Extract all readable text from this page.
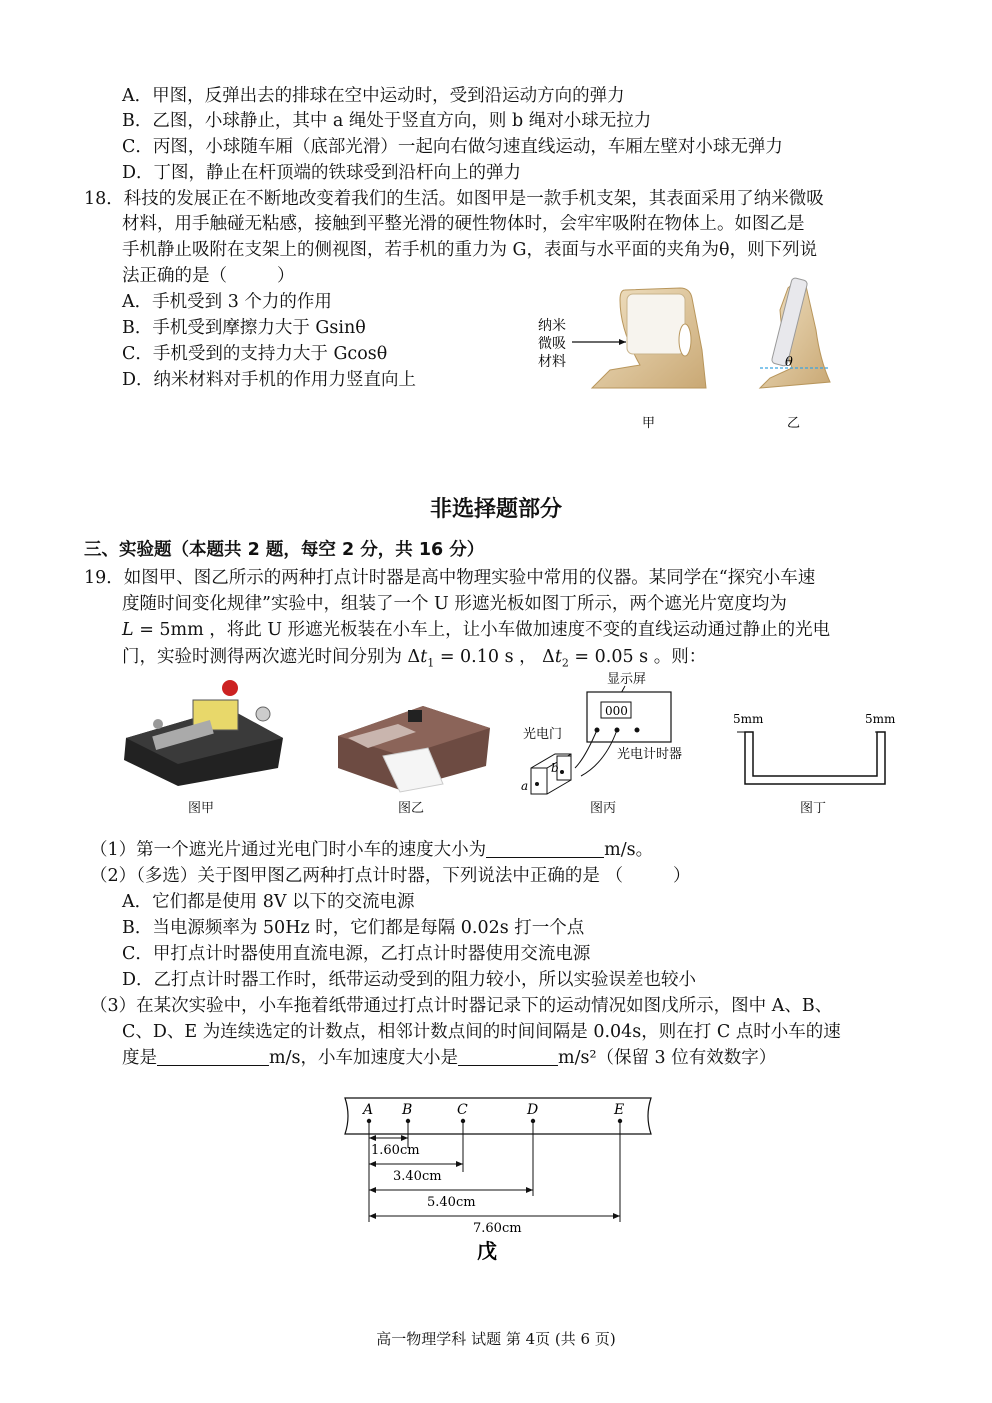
A．甲图，反弹出去的排球在空中运动时，受到沿运动方向的弹力
B．乙图，小球静止，其中 a 绳处于竖直方向，则 b 绳对小球无拉力
C．丙图，小球随车厢（底部光滑）一起向右做匀速直线运动，车厢左壁对小球无弹力
D．丁图，静止在杆顶端的铁球受到沿杆向上的弹力
18．科技的发展正在不断地改变着我们的生活。如图甲是一款手机支架，其表面采用了纳米微吸
材料，用手触碰无粘感，接触到平整光滑的硬性物体时，会牢牢吸附在物体上。如图乙是
手机静止吸附在支架上的侧视图，若手机的重力为 G，表面与水平面的夹角为θ，则下列说
法正确的是（	）
A．手机受到 3 个力的作用
B．手机受到摩擦力大于 Gsinθ
C．手机受到的支持力大于 Gcosθ
D．纳米材料对手机的作用力竖直向上
纳米
微吸
材料
甲
θ
乙
非选择题部分
三、实验题（本题共 2 题，每空 2 分，共 16 分）
19．如图甲、图乙所示的两种打点计时器是高中物理实验中常用的仪器。某同学在“探究小车速
度随时间变化规律”实验中，组装了一个 U 形遮光板如图丁所示，两个遮光片宽度均为
L = 5mm ，将此 U 形遮光板装在小车上，让小车做加速度不变的直线运动通过静止的光电
门，实验时测得两次遮光时间分别为 $\Delta t_1 = 0.10$ s ， $\Delta t_2 = 0.05$ s 。则：
图甲	图乙
显示屏
000
光电门
光电计时器
b
a
图丙
5mm	5mm
图丁
（1）第一个遮光片通过光电门时小车的速度大小为	m/s。
（2）（多选）关于图甲图乙两种打点计时器，下列说法中正确的是 （	）
A．它们都是使用 8V 以下的交流电源
B．当电源频率为 50Hz 时，它们都是每隔 0.02s 打一个点
C．甲打点计时器使用直流电源，乙打点计时器使用交流电源
D．乙打点计时器工作时，纸带运动受到的阻力较小，所以实验误差也较小
（3）在某次实验中，小车拖着纸带通过打点计时器记录下的运动情况如图戊所示，图中 A、B、
C、D、E 为连续选定的计数点，相邻计数点间的时间间隔是 0.04s，则在打 C 点时小车的速
度是	m/s，小车加速度大小是	m/s²（保留 3 位有效数字）
A B	C	D	E
1.60cm
3.40cm
5.40cm
7.60cm
戊
高一物理学科 试题 第 4页 (共 6 页)
